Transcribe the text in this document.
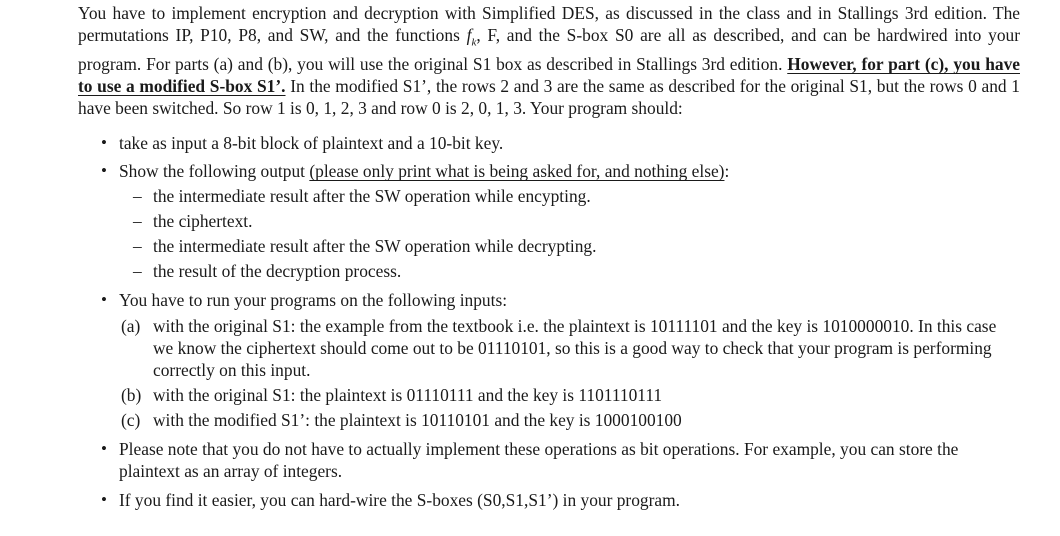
You have to implement encryption and decryption with Simplified DES, as discussed in the class and in Stallings 3rd edition. The permutations IP, P10, P8, and SW, and the functions $f_k$, F, and the S-box S0 are all as described, and can be hardwired into your program. For parts (a) and (b), you will use the original S1 box as described in Stallings 3rd edition. However, for part (c), you have to use a modified S-box S1’. In the modified S1’, the rows 2 and 3 are the same as described for the original S1, but the rows 0 and 1 have been switched. So row 1 is 0, 1, 2, 3 and row 0 is 2, 0, 1, 3. Your program should:

• take as input a 8-bit block of plaintext and a 10-bit key.
• Show the following output (please only print what is being asked for, and nothing else):
– the intermediate result after the SW operation while encypting.
– the ciphertext.
– the intermediate result after the SW operation while decrypting.
– the result of the decryption process.
• You have to run your programs on the following inputs:
(a) with the original S1: the example from the textbook i.e. the plaintext is 10111101 and the key is 1010000010. In this case we know the ciphertext should come out to be 01110101, so this is a good way to check that your program is performing correctly on this input.
(b) with the original S1: the plaintext is 01110111 and the key is 1101110111
(c) with the modified S1’: the plaintext is 10110101 and the key is 1000100100
• Please note that you do not have to actually implement these operations as bit operations. For example, you can store the plaintext as an array of integers.
• If you find it easier, you can hard-wire the S-boxes (S0,S1,S1’) in your program.
